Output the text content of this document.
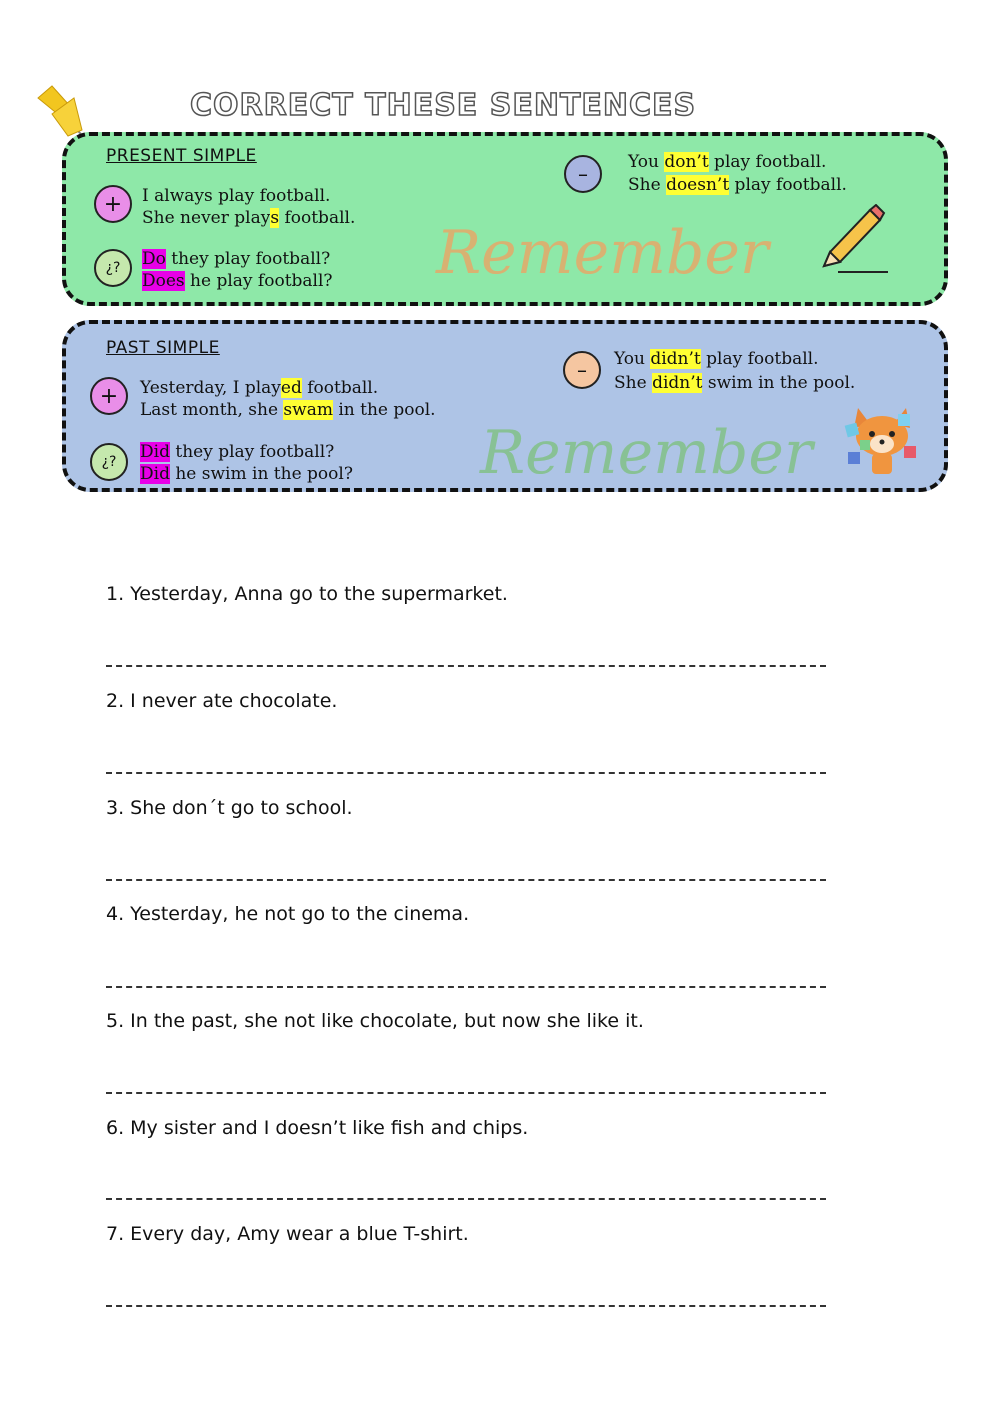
CORRECT THESE SENTENCES
PRESENT SIMPLE
+	I always play football.
She never plays football.
¿?	Do they play football?
Does he play football?
–	You don’t play football.
She doesn’t play football.
Remember
PAST SIMPLE
+	Yesterday, I played football.
Last month, she swam in the pool.
¿?	Did they play football?
Did he swim in the pool?
–	You didn’t play football.
She didn’t swim in the pool.
Remember
1. Yesterday, Anna go to the supermarket.
2. I never ate chocolate.
3. She don´t go to school.
4. Yesterday, he not go to the cinema.
5. In the past, she not like chocolate, but now she like it.
6. My sister and I doesn’t like fish and chips.
7. Every day, Amy wear a blue T-shirt.
